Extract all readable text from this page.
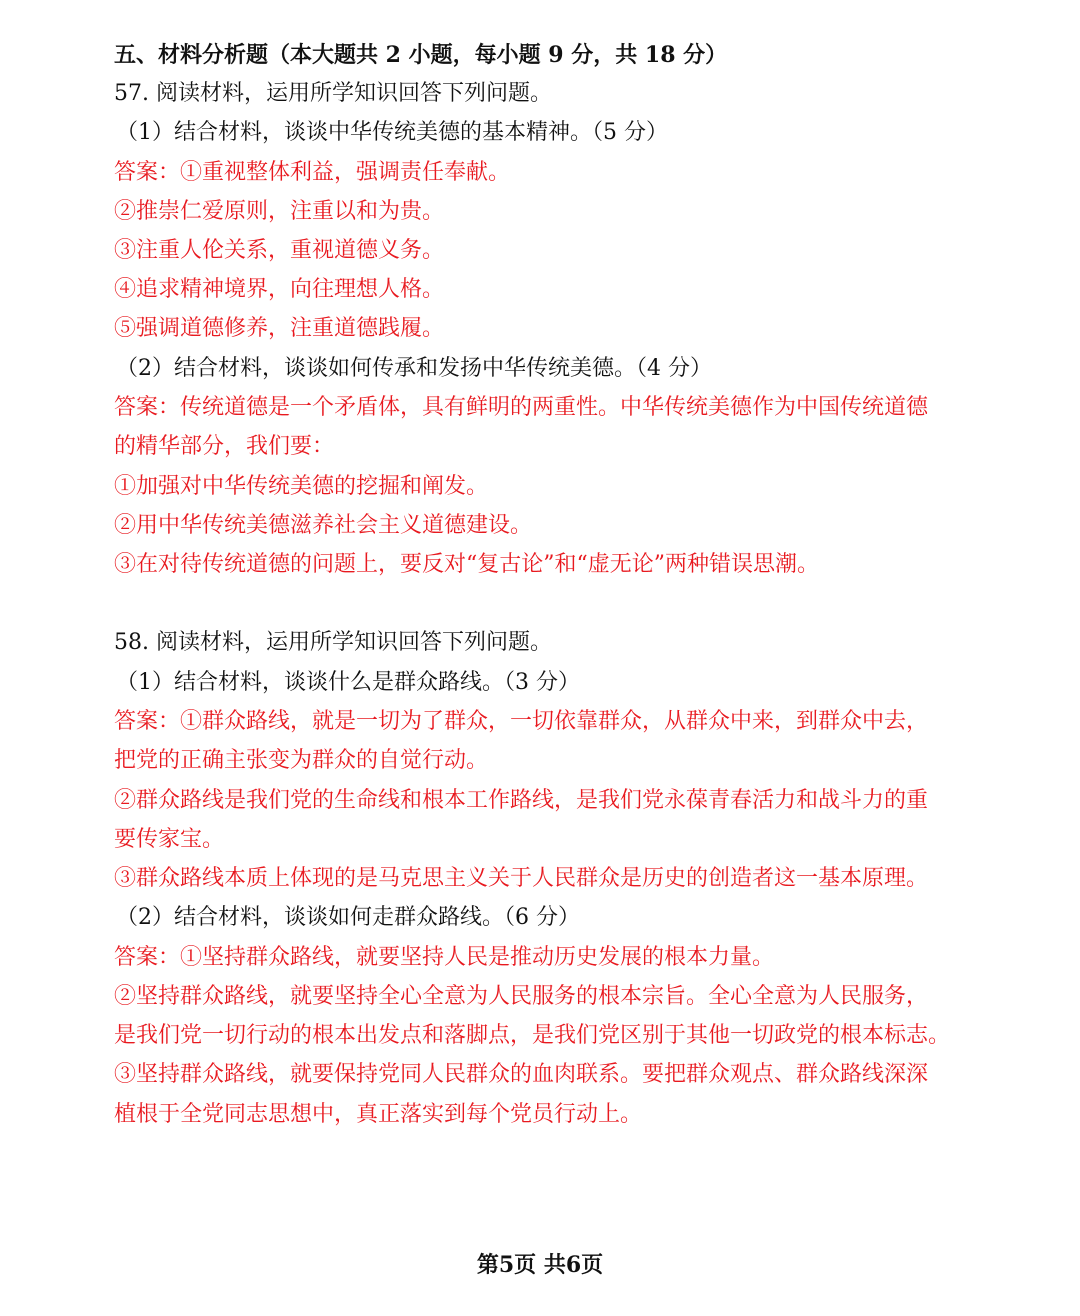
五、材料分析题（本大题共 2 小题，每小题 9 分，共 18 分）
57. 阅读材料，运用所学知识回答下列问题。
（1）结合材料，谈谈中华传统美德的基本精神。（5 分）
答案：①重视整体利益，强调责任奉献。
②推崇仁爱原则，注重以和为贵。
③注重人伦关系，重视道德义务。
④追求精神境界，向往理想人格。
⑤强调道德修养，注重道德践履。
（2）结合材料，谈谈如何传承和发扬中华传统美德。（4 分）
答案：传统道德是一个矛盾体，具有鲜明的两重性。中华传统美德作为中国传统道德
的精华部分，我们要：
①加强对中华传统美德的挖掘和阐发。
②用中华传统美德滋养社会主义道德建设。
③在对待传统道德的问题上，要反对“复古论”和“虚无论”两种错误思潮。
58. 阅读材料，运用所学知识回答下列问题。
（1）结合材料，谈谈什么是群众路线。（3 分）
答案：①群众路线，就是一切为了群众，一切依靠群众，从群众中来，到群众中去，
把党的正确主张变为群众的自觉行动。
②群众路线是我们党的生命线和根本工作路线，是我们党永葆青春活力和战斗力的重
要传家宝。
③群众路线本质上体现的是马克思主义关于人民群众是历史的创造者这一基本原理。
（2）结合材料，谈谈如何走群众路线。（6 分）
答案：①坚持群众路线，就要坚持人民是推动历史发展的根本力量。
②坚持群众路线，就要坚持全心全意为人民服务的根本宗旨。全心全意为人民服务，
是我们党一切行动的根本出发点和落脚点，是我们党区别于其他一切政党的根本标志。
③坚持群众路线，就要保持党同人民群众的血肉联系。要把群众观点、群众路线深深
植根于全党同志思想中，真正落实到每个党员行动上。
第5页 共6页
